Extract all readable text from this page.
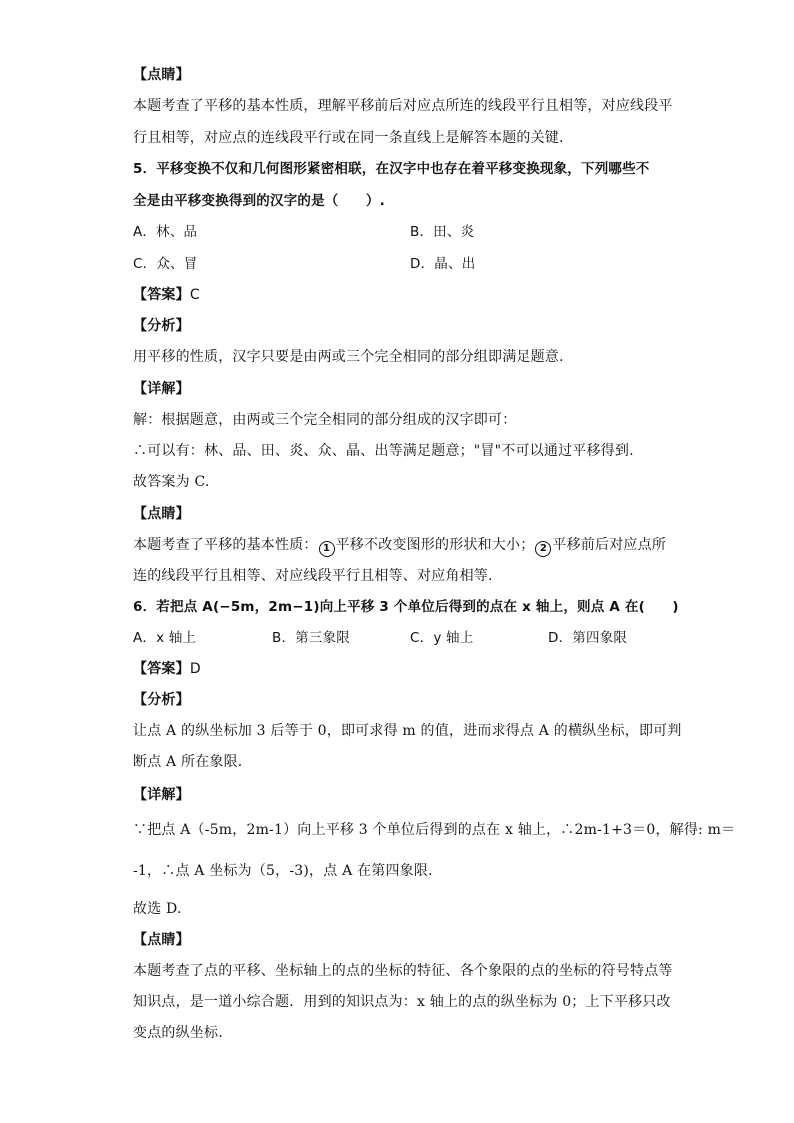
【点睛】
本题考查了平移的基本性质，理解平移前后对应点所连的线段平行且相等，对应线段平
行且相等，对应点的连线段平行或在同一条直线上是解答本题的关键.
5．平移变换不仅和几何图形紧密相联，在汉字中也存在着平移变换现象，下列哪些不
全是由平移变换得到的汉字的是（　　）.
A．林、品	B．田、炎
C．众、冒	D．晶、出
【答案】C
【分析】
用平移的性质，汉字只要是由两或三个完全相同的部分组即满足题意.
【详解】
解：根据题意，由两或三个完全相同的部分组成的汉字即可：
∴可以有：林、品、田、炎、众、晶、出等满足题意；"冒"不可以通过平移得到.
故答案为 C.
【点睛】
本题考查了平移的基本性质： 1 平移不改变图形的形状和大小； 2 平移前后对应点所
连的线段平行且相等、对应线段平行且相等、对应角相等.
6．若把点 A(−5m，2m−1)向上平移 3 个单位后得到的点在 x 轴上，则点 A 在(　　)
A．x 轴上	B．第三象限	C．y 轴上	D．第四象限
【答案】D
【分析】
让点 A 的纵坐标加 3 后等于 0，即可求得 m 的值，进而求得点 A 的横纵坐标，即可判
断点 A 所在象限.
【详解】
∵把点 A（-5m，2m-1）向上平移 3 个单位后得到的点在 x 轴上，∴2m-1+3＝0，解得: m＝
-1，∴点 A 坐标为（5，-3)，点 A 在第四象限.
故选 D.
【点睛】
本题考查了点的平移、坐标轴上的点的坐标的特征、各个象限的点的坐标的符号特点等
知识点，是一道小综合题．用到的知识点为：x 轴上的点的纵坐标为 0；上下平移只改
变点的纵坐标.
